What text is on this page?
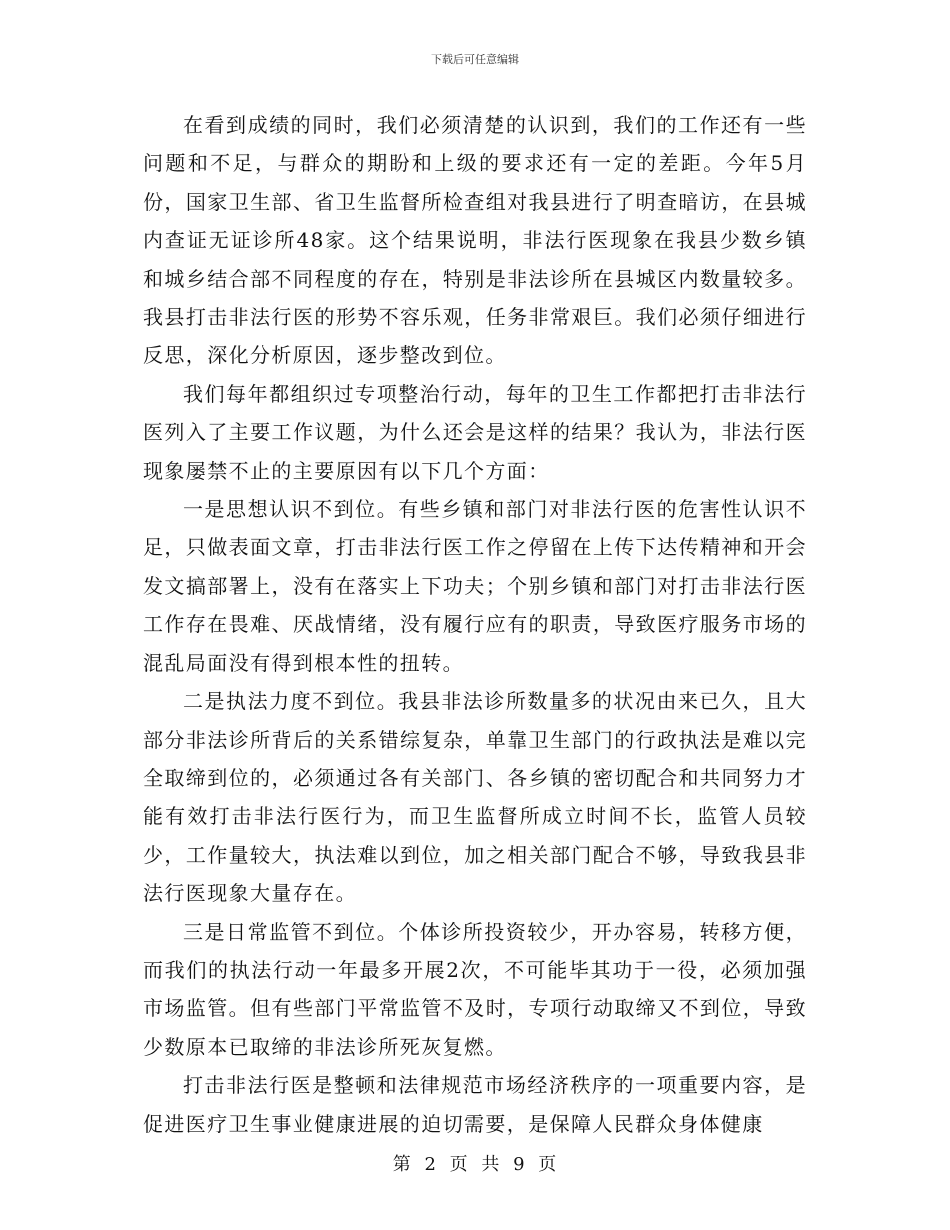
下载后可任意编辑

在看到成绩的同时，我们必须清楚的认识到，我们的工作还有一些问题和不足，与群众的期盼和上级的要求还有一定的差距。今年5月份，国家卫生部、省卫生监督所检查组对我县进行了明查暗访，在县城内查证无证诊所48家。这个结果说明，非法行医现象在我县少数乡镇和城乡结合部不同程度的存在，特别是非法诊所在县城区内数量较多。我县打击非法行医的形势不容乐观，任务非常艰巨。我们必须仔细进行反思，深化分析原因，逐步整改到位。

我们每年都组织过专项整治行动，每年的卫生工作都把打击非法行医列入了主要工作议题，为什么还会是这样的结果？我认为，非法行医现象屡禁不止的主要原因有以下几个方面：

一是思想认识不到位。有些乡镇和部门对非法行医的危害性认识不足，只做表面文章，打击非法行医工作之停留在上传下达传精神和开会发文搞部署上，没有在落实上下功夫；个别乡镇和部门对打击非法行医工作存在畏难、厌战情绪，没有履行应有的职责，导致医疗服务市场的混乱局面没有得到根本性的扭转。

二是执法力度不到位。我县非法诊所数量多的状况由来已久，且大部分非法诊所背后的关系错综复杂，单靠卫生部门的行政执法是难以完全取缔到位的，必须通过各有关部门、各乡镇的密切配合和共同努力才能有效打击非法行医行为，而卫生监督所成立时间不长，监管人员较少，工作量较大，执法难以到位，加之相关部门配合不够，导致我县非法行医现象大量存在。

三是日常监管不到位。个体诊所投资较少，开办容易，转移方便，而我们的执法行动一年最多开展2次，不可能毕其功于一役，必须加强市场监管。但有些部门平常监管不及时，专项行动取缔又不到位，导致少数原本已取缔的非法诊所死灰复燃。

打击非法行医是整顿和法律规范市场经济秩序的一项重要内容，是促进医疗卫生事业健康进展的迫切需要，是保障人民群众身体健康

第 2 页 共 9 页
